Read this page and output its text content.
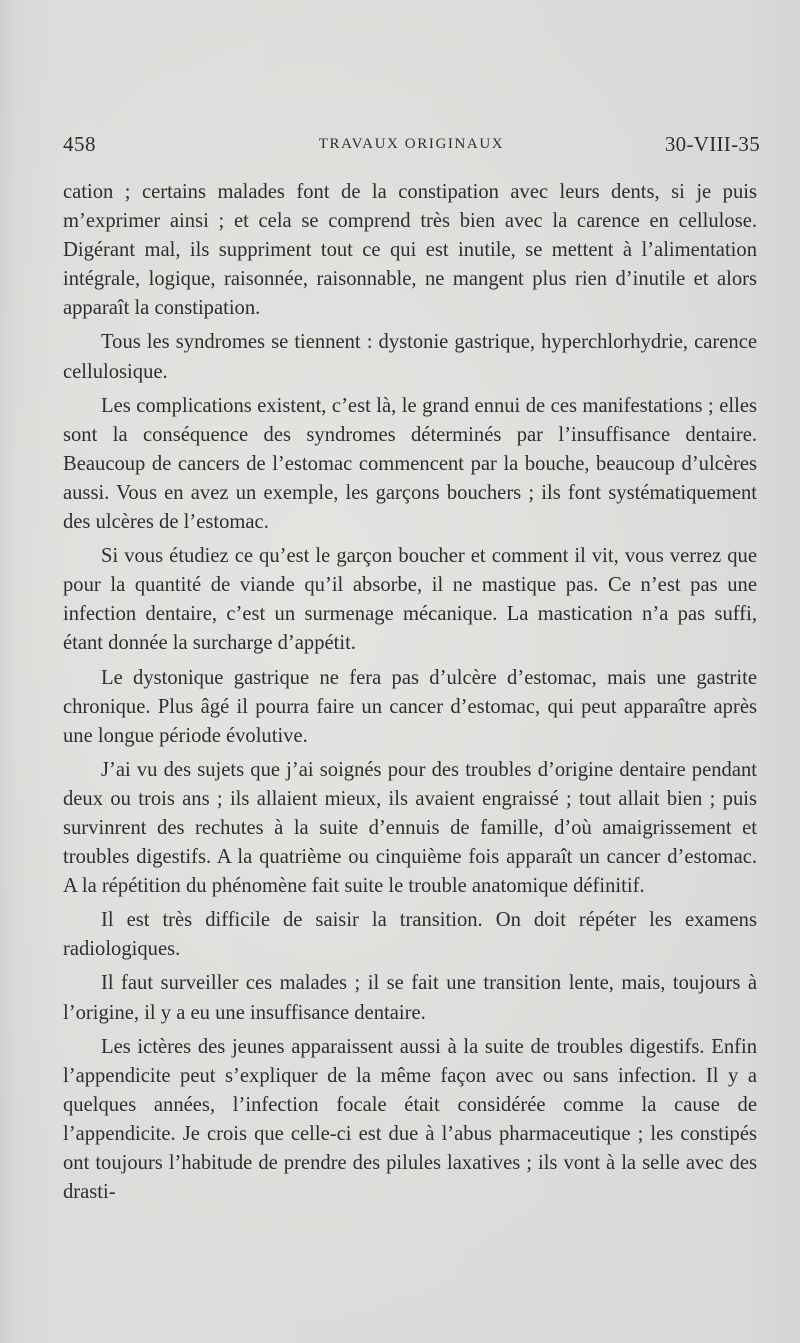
458	TRAVAUX ORIGINAUX	30-VIII-35

cation ; certains malades font de la constipation avec leurs dents, si je puis m’exprimer ainsi ; et cela se comprend très bien avec la carence en cellulose. Digérant mal, ils suppriment tout ce qui est inutile, se mettent à l’alimentation intégrale, logique, raisonnée, raisonnable, ne mangent plus rien d’inutile et alors apparaît la constipation.

Tous les syndromes se tiennent : dystonie gastrique, hyperchlorhydrie, carence cellulosique.

Les complications existent, c’est là, le grand ennui de ces manifestations ; elles sont la conséquence des syndromes déterminés par l’insuffisance dentaire. Beaucoup de cancers de l’estomac commencent par la bouche, beaucoup d’ulcères aussi. Vous en avez un exemple, les garçons bouchers ; ils font systématiquement des ulcères de l’estomac.

Si vous étudiez ce qu’est le garçon boucher et comment il vit, vous verrez que pour la quantité de viande qu’il absorbe, il ne mastique pas. Ce n’est pas une infection dentaire, c’est un surmenage mécanique. La mastication n’a pas suffi, étant donnée la surcharge d’appétit.

Le dystonique gastrique ne fera pas d’ulcère d’estomac, mais une gastrite chronique. Plus âgé il pourra faire un cancer d’estomac, qui peut apparaître après une longue période évolutive.

J’ai vu des sujets que j’ai soignés pour des troubles d’origine dentaire pendant deux ou trois ans ; ils allaient mieux, ils avaient engraissé ; tout allait bien ; puis survinrent des rechutes à la suite d’ennuis de famille, d’où amaigrissement et troubles digestifs. A la quatrième ou cinquième fois apparaît un cancer d’estomac. A la répétition du phénomène fait suite le trouble anatomique définitif.

Il est très difficile de saisir la transition. On doit répéter les examens radiologiques.

Il faut surveiller ces malades ; il se fait une transition lente, mais, toujours à l’origine, il y a eu une insuffisance dentaire.

Les ictères des jeunes apparaissent aussi à la suite de troubles digestifs. Enfin l’appendicite peut s’expliquer de la même façon avec ou sans infection. Il y a quelques années, l’infection focale était considérée comme la cause de l’appendicite. Je crois que celle-ci est due à l’abus pharmaceutique ; les constipés ont toujours l’habitude de prendre des pilules laxatives ; ils vont à la selle avec des drasti-
